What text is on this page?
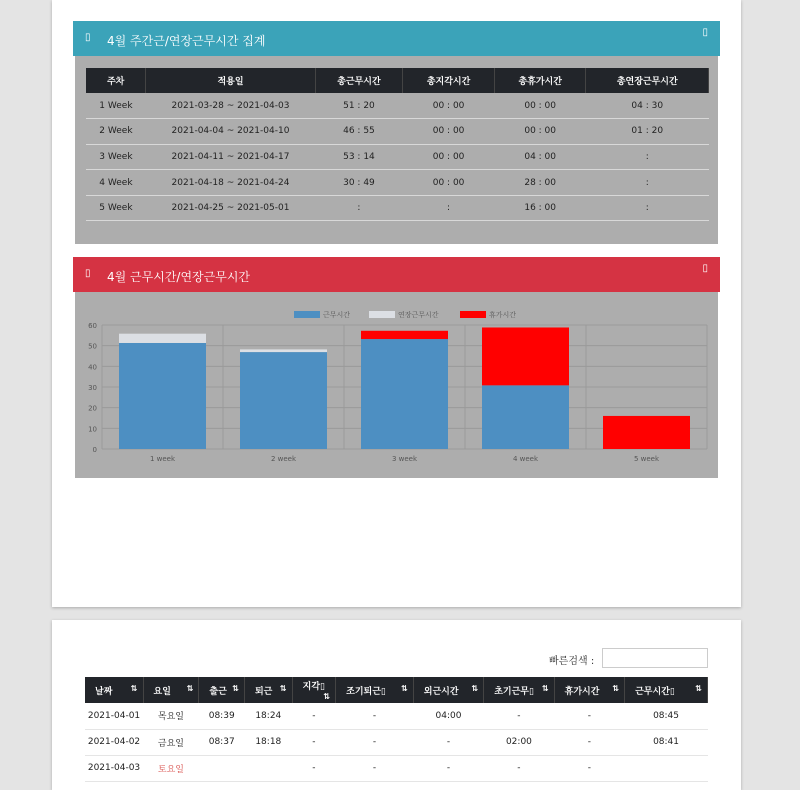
▯ 4월 주간근/연장근무시간 집계
▯
주차	적용일	총근무시간	총지각시간	총휴가시간	총연장근무시간
1 Week	2021-03-28 ~ 2021-04-03	51 : 20	00 : 00	00 : 00	04 : 30
2 Week	2021-04-04 ~ 2021-04-10	46 : 55	00 : 00	00 : 00	01 : 20
3 Week	2021-04-11 ~ 2021-04-17	53 : 14	00 : 00	04 : 00	:
4 Week	2021-04-18 ~ 2021-04-24	30 : 49	00 : 00	28 : 00	:
5 Week	2021-04-25 ~ 2021-05-01	:	:	16 : 00	:
▯ 4월 근무시간/연장근무시간
▯
0
10
20
30
40
50
60
1 week	2 week	3 week	4 week	5 week
근무시간	연장근무시간	휴가시간
빠른검색 :
날짜 ⇅	요일 ⇅	출근 ⇅	퇴근 ⇅	지각▯
⇅	조기퇴근▯ ⇅	외근시간 ⇅	초기근무▯ ⇅	휴가시간 ⇅	근무시간▯ ⇅

2021-04-01	목요일	08:39	18:24	-	-	04:00	-	-	08:45
2021-04-02	금요일	08:37	18:18	-	-	-	02:00	-	08:41
2021-04-03	토요일			-	-	-	-	-	
